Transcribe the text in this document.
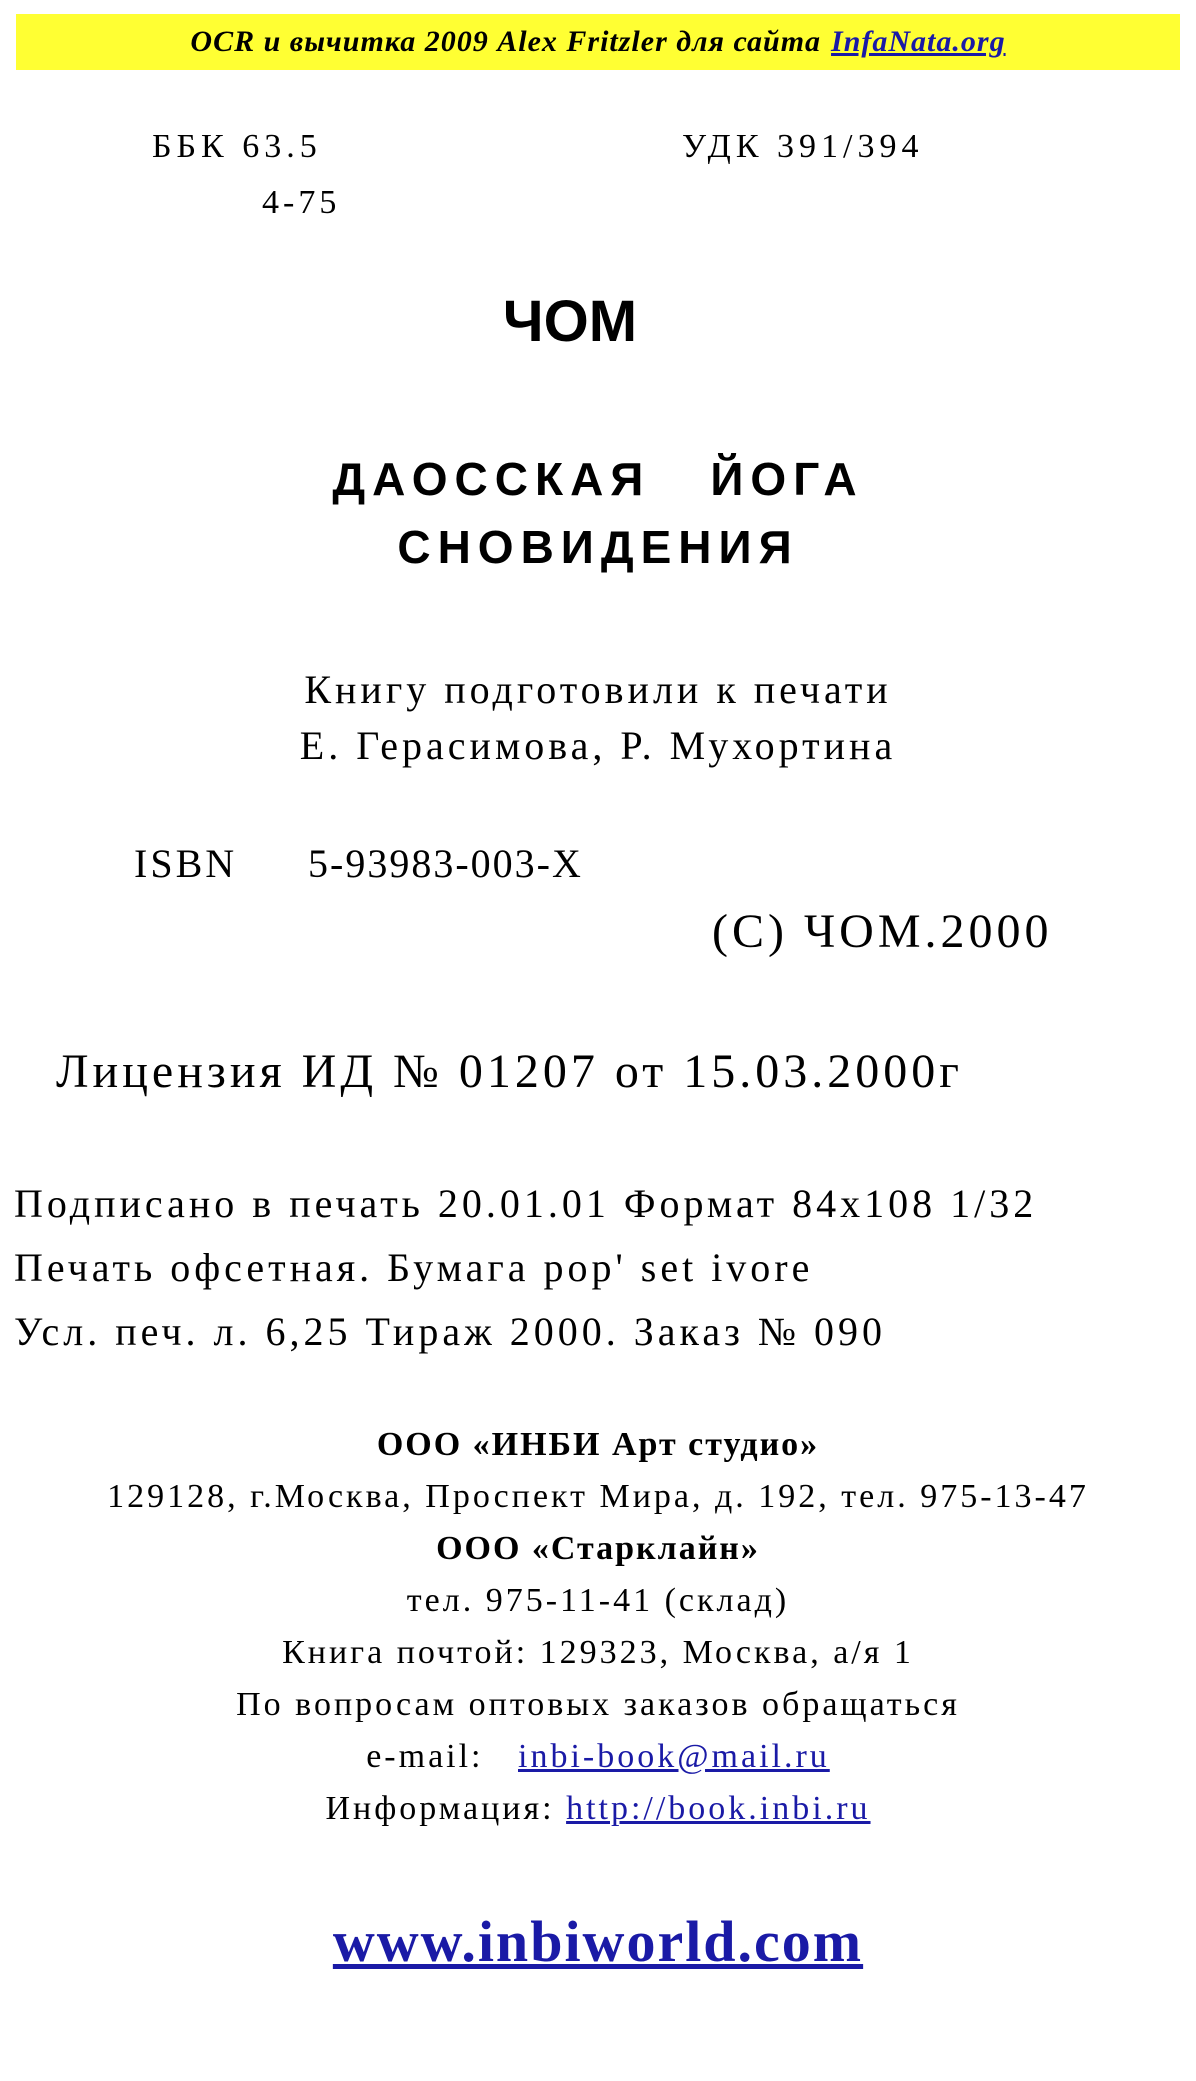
OCR и вычитка 2009 Alex Fritzler для сайта InfaNata.org
ББК 63.5
4-75
УДК 391/394
ЧОМ
ДАОССКАЯ ЙОГА
СНОВИДЕНИЯ
Книгу подготовили к печати
Е. Герасимова, Р. Мухортина
ISBN 5-93983-003-X
(С) ЧОМ.2000
Лицензия ИД № 01207 от 15.03.2000г
Подписано в печать 20.01.01 Формат 84x108 1/32
Печать офсетная. Бумага pop' set ivore
Усл. печ. л. 6,25 Тираж 2000. Заказ № 090
ООО «ИНБИ Арт студио»
129128, г.Москва, Проспект Мира, д. 192, тел. 975-13-47
ООО «Старклайн»
тел. 975-11-41 (склад)
Книга почтой: 129323, Москва, а/я 1
По вопросам оптовых заказов обращаться
e-mail: inbi-book@mail.ru
Информация: http://book.inbi.ru
www.inbiworld.com
